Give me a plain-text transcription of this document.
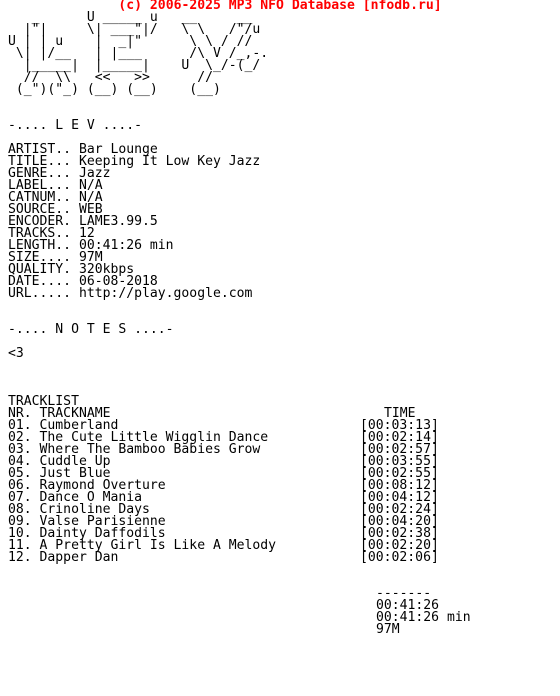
(c) 2006-2025 MP3 NFO Database [nfodb.ru]

_      U _____ u   __     __
|"|     \| ___"|/   \ \   /"/u
U | | u    |  _|"      \ \ / //
\| |/__   | |___      /\ V /_,-.
|_____|  |_____|    U  \_/-(_/
//  \\   <<   >>      //
(_")("_) (__) (__)    (__)
-.... L E V ....-
ARTIST.. Bar Lounge
TITLE... Keeping It Low Key Jazz
GENRE... Jazz
LABEL... N/A
CATNUM.. N/A
SOURCE.. WEB
ENCODER. LAME3.99.5
TRACKS.. 12
LENGTH.. 00:41:26 min
SIZE.... 97M
QUALITY. 320kbps
DATE.... 06-08-2018
URL..... http://play.google.com
-.... N O T E S ....-
<3
TRACKLIST
NR. TRACKNAME	TIME
01. Cumberland	[00:03:13]
02. The Cute Little Wigglin Dance	[00:02:14]
03. Where The Bamboo Babies Grow	[00:02:57]
04. Cuddle Up	[00:03:55]
05. Just Blue	[00:02:55]
06. Raymond Overture	[00:08:12]
07. Dance O Mania	[00:04:12]
08. Crinoline Days	[00:02:24]
09. Valse Parisienne	[00:04:20]
10. Dainty Daffodils	[00:02:38]
11. A Pretty Girl Is Like A Melody	[00:02:20]
12. Dapper Dan	[00:02:06]
-------
00:41:26
00:41:26 min
97M
